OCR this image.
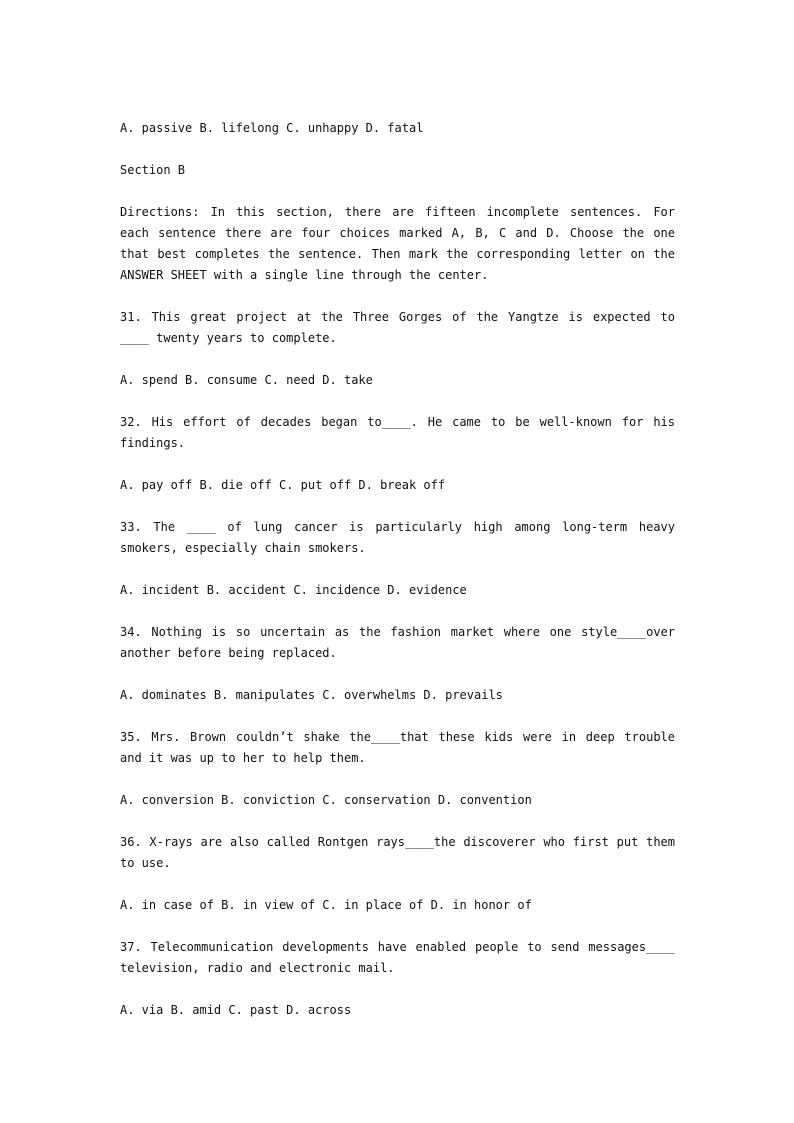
A. passive B. lifelong C. unhappy D. fatal

Section B

Directions: In this section, there are fifteen incomplete sentences. For each sentence there are four choices marked A, B, C and D. Choose the one that best completes the sentence. Then mark the corresponding letter on the ANSWER SHEET with a single line through the center.

31. This great project at the Three Gorges of the Yangtze is expected to ____ twenty years to complete.

A. spend B. consume C. need D. take

32. His effort of decades began to____. He came to be well-known for his findings.

A. pay off B. die off C. put off D. break off

33. The ____ of lung cancer is particularly high among long-term heavy smokers, especially chain smokers.

A. incident B. accident C. incidence D. evidence

34. Nothing is so uncertain as the fashion market where one style____over another before being replaced.

A. dominates B. manipulates C. overwhelms D. prevails

35. Mrs. Brown couldn’t shake the____that these kids were in deep trouble and it was up to her to help them.

A. conversion B. conviction C. conservation D. convention

36. X-rays are also called Rontgen rays____the discoverer who first put them to use.

A. in case of B. in view of C. in place of D. in honor of

37. Telecommunication developments have enabled people to send messages____ television, radio and electronic mail.

A. via B. amid C. past D. across
